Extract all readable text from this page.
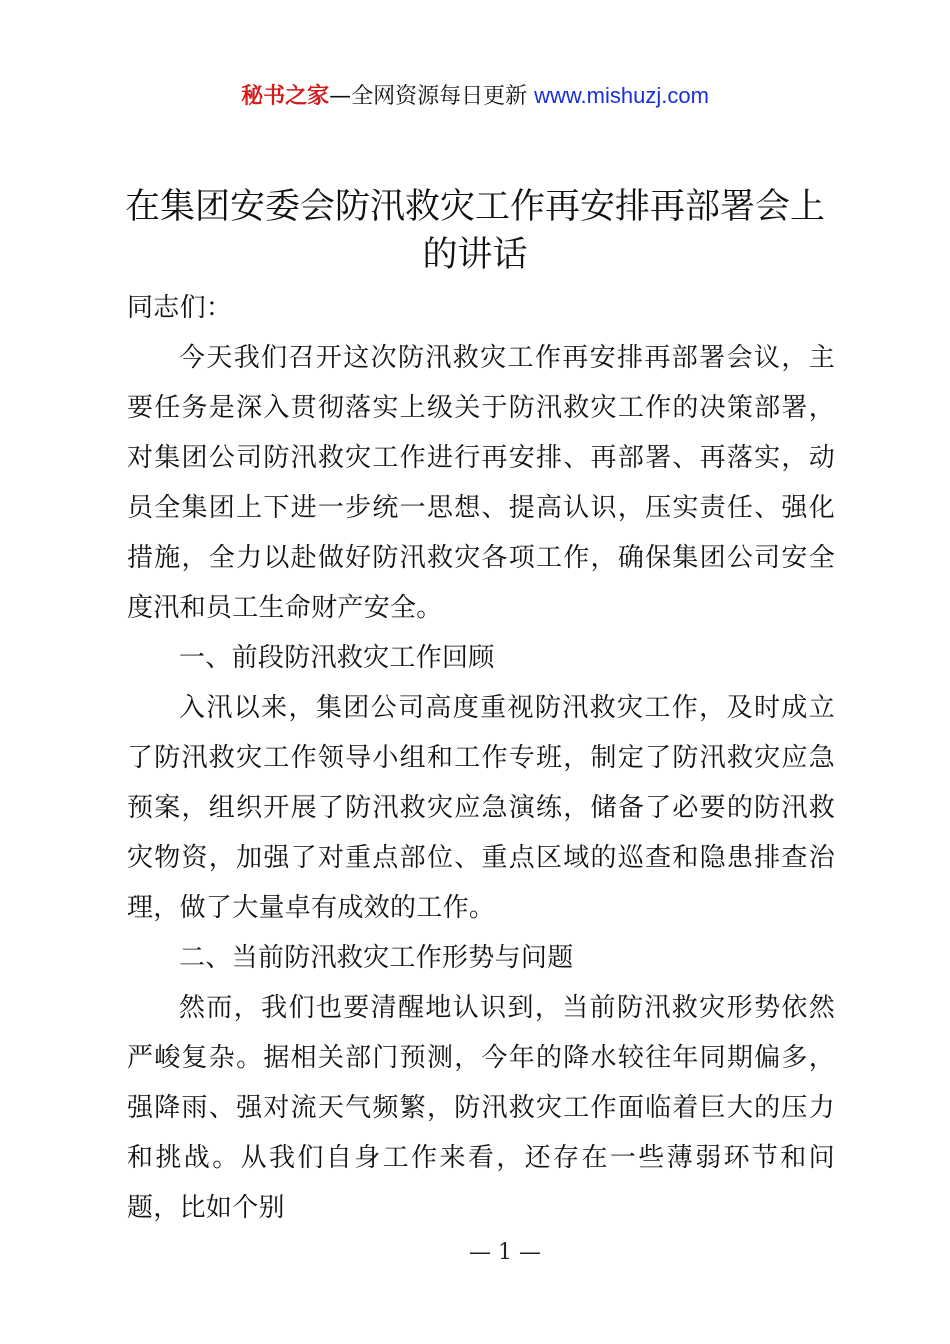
秘书之家—全网资源每日更新 www.mishuzj.com
在集团安委会防汛救灾工作再安排再部署会上
的讲话

同志们：

今天我们召开这次防汛救灾工作再安排再部署会议，主要任务是深入贯彻落实上级关于防汛救灾工作的决策部署，对集团公司防汛救灾工作进行再安排、再部署、再落实，动员全集团上下进一步统一思想、提高认识，压实责任、强化措施，全力以赴做好防汛救灾各项工作，确保集团公司安全度汛和员工生命财产安全。

一、前段防汛救灾工作回顾

入汛以来，集团公司高度重视防汛救灾工作，及时成立了防汛救灾工作领导小组和工作专班，制定了防汛救灾应急预案，组织开展了防汛救灾应急演练，储备了必要的防汛救灾物资，加强了对重点部位、重点区域的巡查和隐患排查治理，做了大量卓有成效的工作。

二、当前防汛救灾工作形势与问题

然而，我们也要清醒地认识到，当前防汛救灾形势依然严峻复杂。据相关部门预测，今年的降水较往年同期偏多，强降雨、强对流天气频繁，防汛救灾工作面临着巨大的压力和挑战。从我们自身工作来看，还存在一些薄弱环节和问题，比如个别

— 1 —
